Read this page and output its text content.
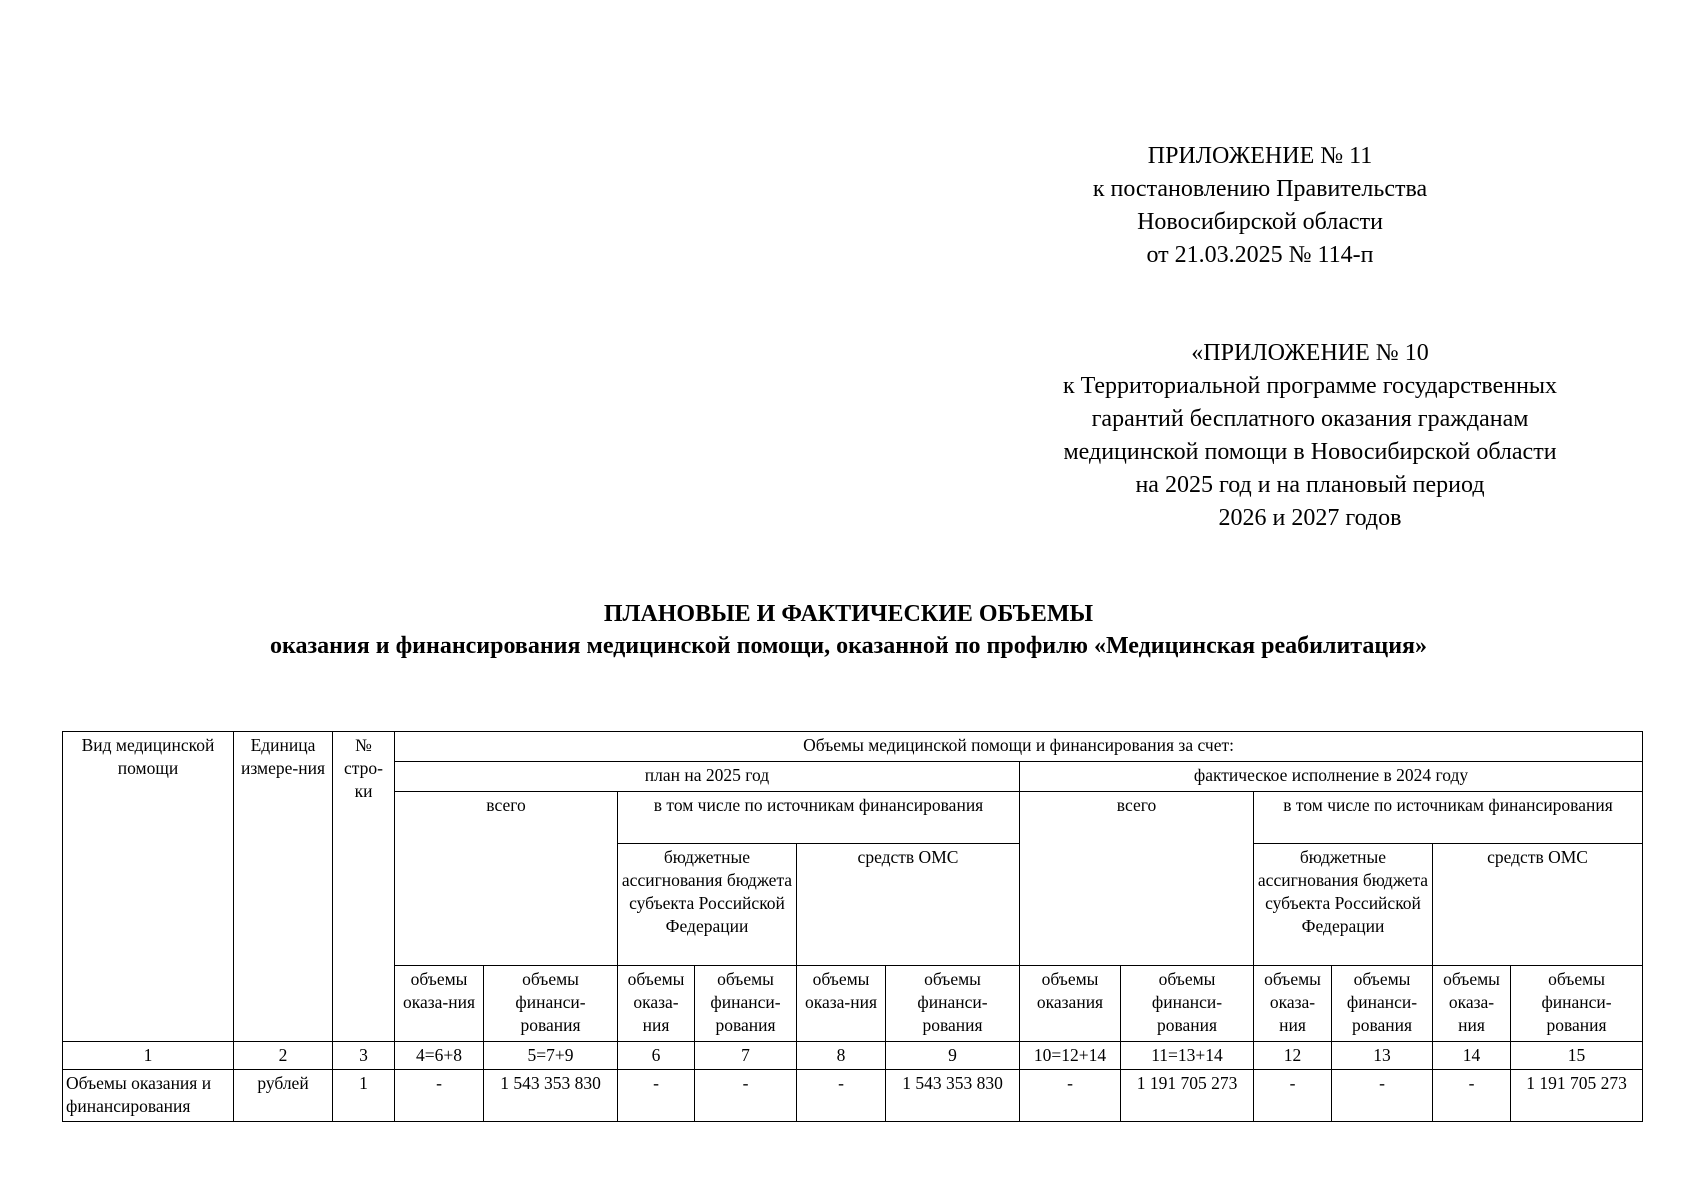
ПРИЛОЖЕНИЕ № 11
к постановлению Правительства
Новосибирской области
от 21.03.2025 № 114-п
«ПРИЛОЖЕНИЕ № 10
к Территориальной программе государственных
гарантий бесплатного оказания гражданам
медицинской помощи в Новосибирской области
на 2025 год и на плановый период
2026 и 2027 годов
ПЛАНОВЫЕ И ФАКТИЧЕСКИЕ ОБЪЕМЫ
оказания и финансирования медицинской помощи, оказанной по профилю «Медицинская реабилитация»
Вид медицинской помощи	Единица измере-ния	№ стро-ки	Объемы медицинской помощи и финансирования за счет:											
			план на 2025 год						фактическое исполнение в 2024 году					
			всего		в том числе по источникам финансирования				всего		в том числе по источникам финансирования			
					бюджетные ассигнования бюджета субъекта Российской Федерации		средств ОМС				бюджетные ассигнования бюджета субъекта Российской Федерации		средств ОМС	

			объемы оказа-ния	объемы финанси-рования	объемы оказа-ния	объемы финанси-рования	объемы оказа-ния	объемы финанси-рования	объемы оказания	объемы финанси-рования	объемы оказа-ния	объемы финанси-рования	объемы оказа-ния	объемы финанси-рования
1	2	3	4=6+8	5=7+9	6	7	8	9	10=12+14	11=13+14	12	13	14	15
Объемы оказания и финансирования	рублей	1	-	1 543 353 830	-	-	-	1 543 353 830	-	1 191 705 273	-	-	-	1 191 705 273
